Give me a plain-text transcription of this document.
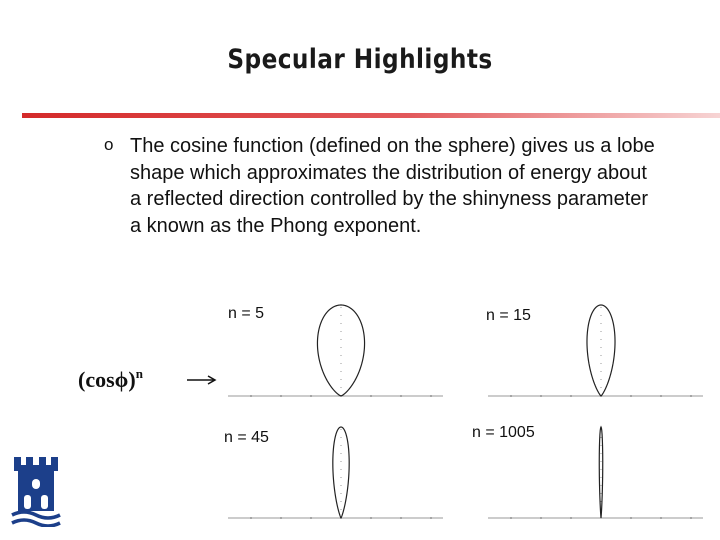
Specular Highlights
o The cosine function (defined on the sphere) gives us a lobe shape which approximates the distribution of energy about a reflected direction controlled by the shinyness parameter a known as the Phong exponent.
n = 5	n = 15
n = 45	n = 1005
$(\cos\phi)^n$
